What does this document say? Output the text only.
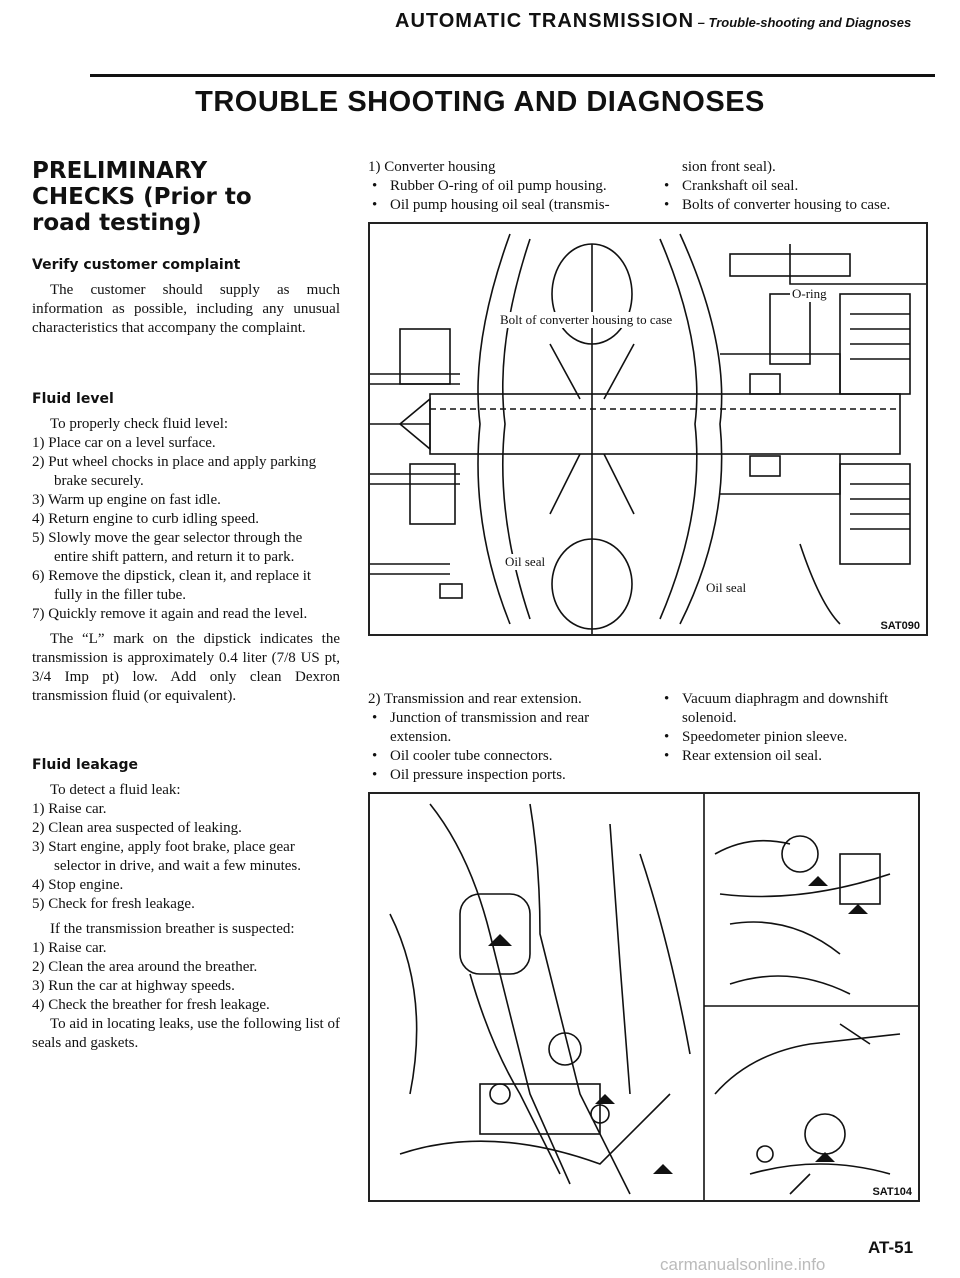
AUTOMATIC TRANSMISSION – Trouble-shooting and Diagnoses
TROUBLE SHOOTING AND DIAGNOSES
PRELIMINARY CHECKS (Prior to road testing)
Verify customer complaint

The customer should supply as much information as possible, including any unusual characteristics that accompany the complaint.

Fluid level

To properly check fluid level:

1) Place car on a level surface.
2) Put wheel chocks in place and apply parking brake securely.
3) Warm up engine on fast idle.
4) Return engine to curb idling speed.
5) Slowly move the gear selector through the entire shift pattern, and return it to park.
6) Remove the dipstick, clean it, and replace it fully in the filler tube.
7) Quickly remove it again and read the level.

The “L” mark on the dipstick indicates the transmission is approximately 0.4 liter (7/8 US pt, 3/4 Imp pt) low. Add only clean Dexron transmission fluid (or equivalent).

Fluid leakage

To detect a fluid leak:

1) Raise car.
2) Clean area suspected of leaking.
3) Start engine, apply foot brake, place gear selector in drive, and wait a few minutes.
4) Stop engine.
5) Check for fresh leakage.

If the transmission breather is suspected:

1) Raise car.
2) Clean the area around the breather.
3) Run the car at highway speeds.
4) Check the breather for fresh leakage.

To aid in locating leaks, use the following list of seals and gaskets.

1) Converter housing

• Rubber O-ring of oil pump housing.
• Oil pump housing oil seal (transmis-

sion front seal).

• Crankshaft oil seal.
• Bolts of converter housing to case.
Bolt of converter housing to case
O-ring
Oil seal
Oil seal
SAT090

2) Transmission and rear extension.

• Junction of transmission and rear extension.
• Oil cooler tube connectors.
• Oil pressure inspection ports.
• Vacuum diaphragm and downshift solenoid.
• Speedometer pinion sleeve.
• Rear extension oil seal.
SAT104
AT-51
carmanualsonline.info
